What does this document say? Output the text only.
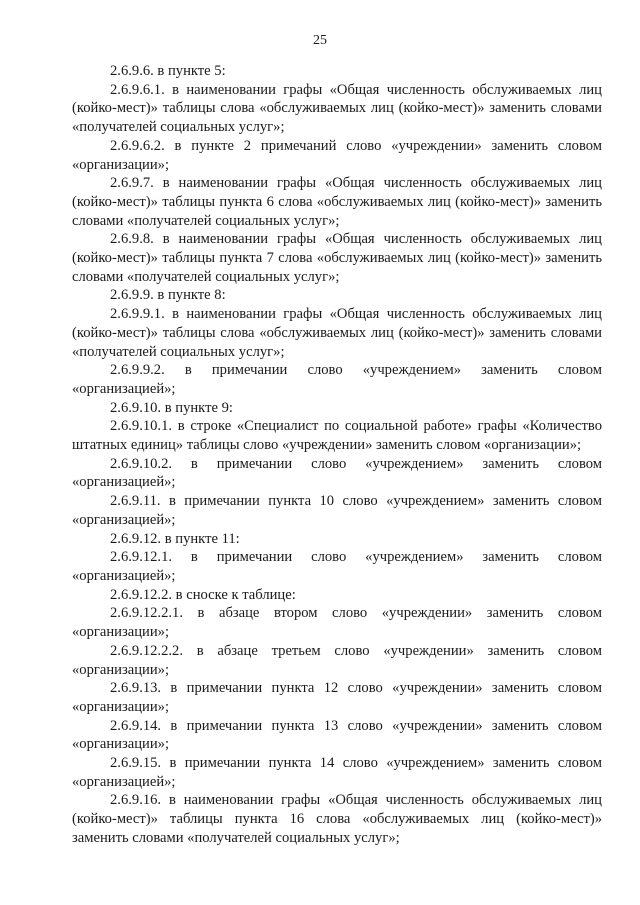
25

2.6.9.6. в пункте 5:

2.6.9.6.1. в наименовании графы «Общая численность обслуживаемых лиц (койко-мест)» таблицы слова «обслуживаемых лиц (койко-мест)» заменить словами «получателей социальных услуг»;

2.6.9.6.2. в пункте 2 примечаний слово «учреждении» заменить словом «организации»;

2.6.9.7. в наименовании графы «Общая численность обслуживаемых лиц (койко-мест)» таблицы пункта 6 слова «обслуживаемых лиц (койко-мест)» заменить словами «получателей социальных услуг»;

2.6.9.8. в наименовании графы «Общая численность обслуживаемых лиц (койко-мест)» таблицы пункта 7 слова «обслуживаемых лиц (койко-мест)» заменить словами «получателей социальных услуг»;

2.6.9.9. в пункте 8:

2.6.9.9.1. в наименовании графы «Общая численность обслуживаемых лиц (койко-мест)» таблицы слова «обслуживаемых лиц (койко-мест)» заменить словами «получателей социальных услуг»;

2.6.9.9.2. в примечании слово «учреждением» заменить словом «организацией»;

2.6.9.10. в пункте 9:

2.6.9.10.1. в строке «Специалист по социальной работе» графы «Количество штатных единиц» таблицы слово «учреждении» заменить словом «организации»;

2.6.9.10.2. в примечании слово «учреждением» заменить словом «организацией»;

2.6.9.11. в примечании пункта 10 слово «учреждением» заменить словом «организацией»;

2.6.9.12. в пункте 11:

2.6.9.12.1. в примечании слово «учреждением» заменить словом «организацией»;

2.6.9.12.2. в сноске к таблице:

2.6.9.12.2.1. в абзаце втором слово «учреждении» заменить словом «организации»;

2.6.9.12.2.2. в абзаце третьем слово «учреждении» заменить словом «организации»;

2.6.9.13. в примечании пункта 12 слово «учреждении» заменить словом «организации»;

2.6.9.14. в примечании пункта 13 слово «учреждении» заменить словом «организации»;

2.6.9.15. в примечании пункта 14 слово «учреждением» заменить словом «организацией»;

2.6.9.16. в наименовании графы «Общая численность обслуживаемых лиц (койко-мест)» таблицы пункта 16 слова «обслуживаемых лиц (койко-мест)» заменить словами «получателей социальных услуг»;
